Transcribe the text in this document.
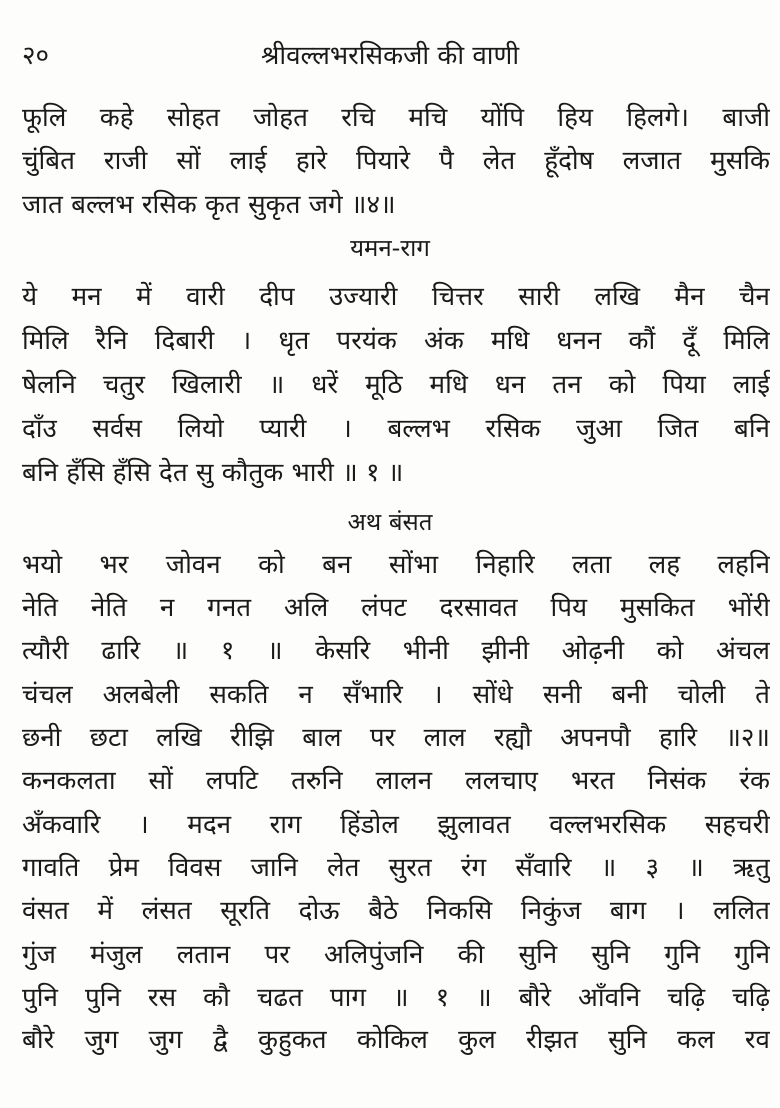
२०	श्रीवल्लभरसिकजी की वाणी
फूलि कहे सोहत जोहत रचि मचि योंपि हिय हिलगे। बाजी
चुंबित राजी सों लाई हारे पियारे पै लेत हूँदोष लजात मुसकि
जात बल्लभ रसिक कृत सुकृत जगे ॥४॥
यमन-राग
ये मन में वारी दीप उज्यारी चित्तर सारी लखि मैन चैन
मिलि रैनि दिबारी । धृत परयंक अंक मधि धनन कौं दूँ मिलि
षेलनि चतुर खिलारी ॥ धरें मूठि मधि धन तन को पिया लाई
दाँउ सर्वस लियो प्यारी । बल्लभ रसिक जुआ जित बनि
बनि हँसि हँसि देत सु कौतुक भारी ॥ १ ॥
अथ बंसत
भयो भर जोवन को बन सोंभा निहारि लता लह लहनि
नेति नेति न गनत अलि लंपट दरसावत पिय मुसकित भोंरी
त्यौरी ढारि ॥ १ ॥ केसरि भीनी झीनी ओढ़नी को अंचल
चंचल अलबेली सकति न सँभारि । सोंधे सनी बनी चोली ते
छनी छटा लखि रीझि बाल पर लाल रह्यौ अपनपौ हारि ॥२॥
कनकलता सों लपटि तरुनि लालन ललचाए भरत निसंक रंक
अँकवारि । मदन राग हिंडोल झुलावत वल्लभरसिक सहचरी
गावति प्रेम विवस जानि लेत सुरत रंग सँवारि ॥ ३ ॥ ऋतु
वंसत में लंसत सूरति दोऊ बैठे निकसि निकुंज बाग । ललित
गुंज मंजुल लतान पर अलिपुंजनि की सुनि सुनि गुनि गुनि
पुनि पुनि रस कौ चढत पाग ॥ १ ॥ बौरे आँवनि चढ़ि चढ़ि
बौरे जुग जुग द्वै कुहुकत कोकिल कुल रीझत सुनि कल रव
